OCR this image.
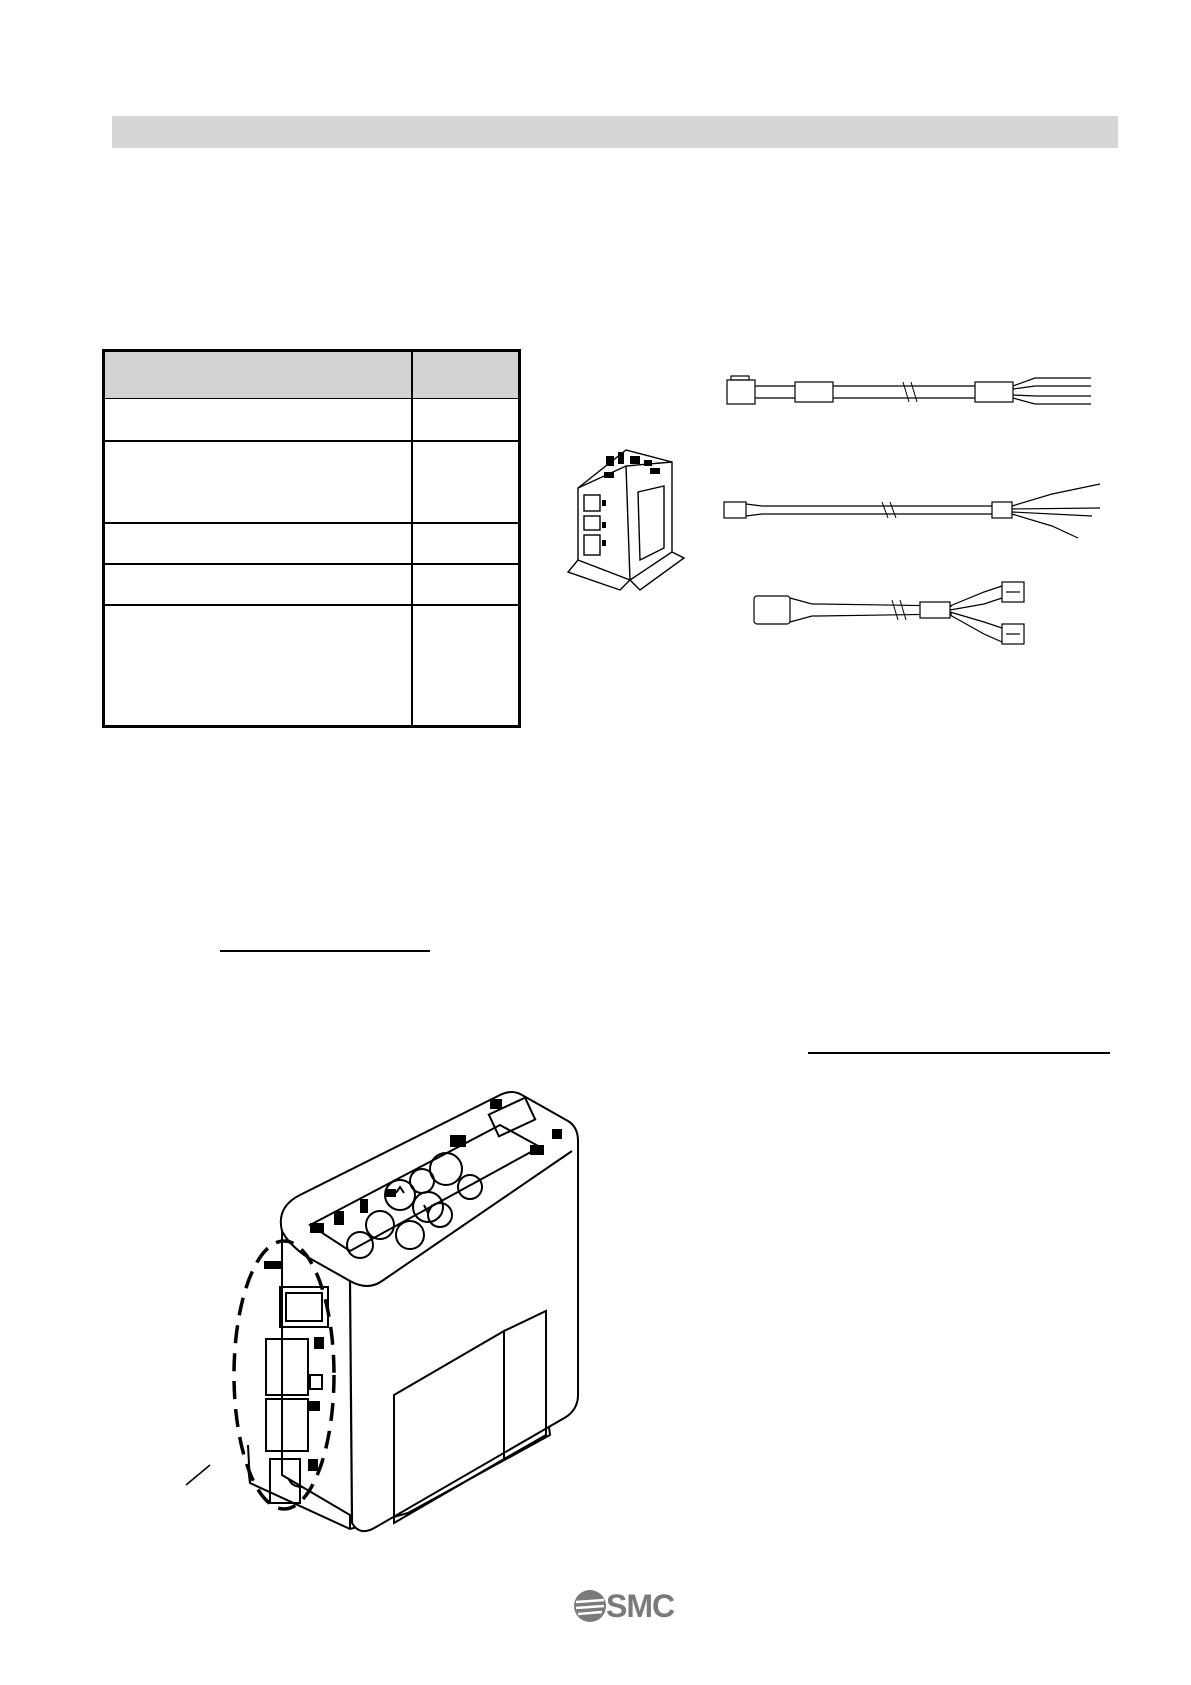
SMC
